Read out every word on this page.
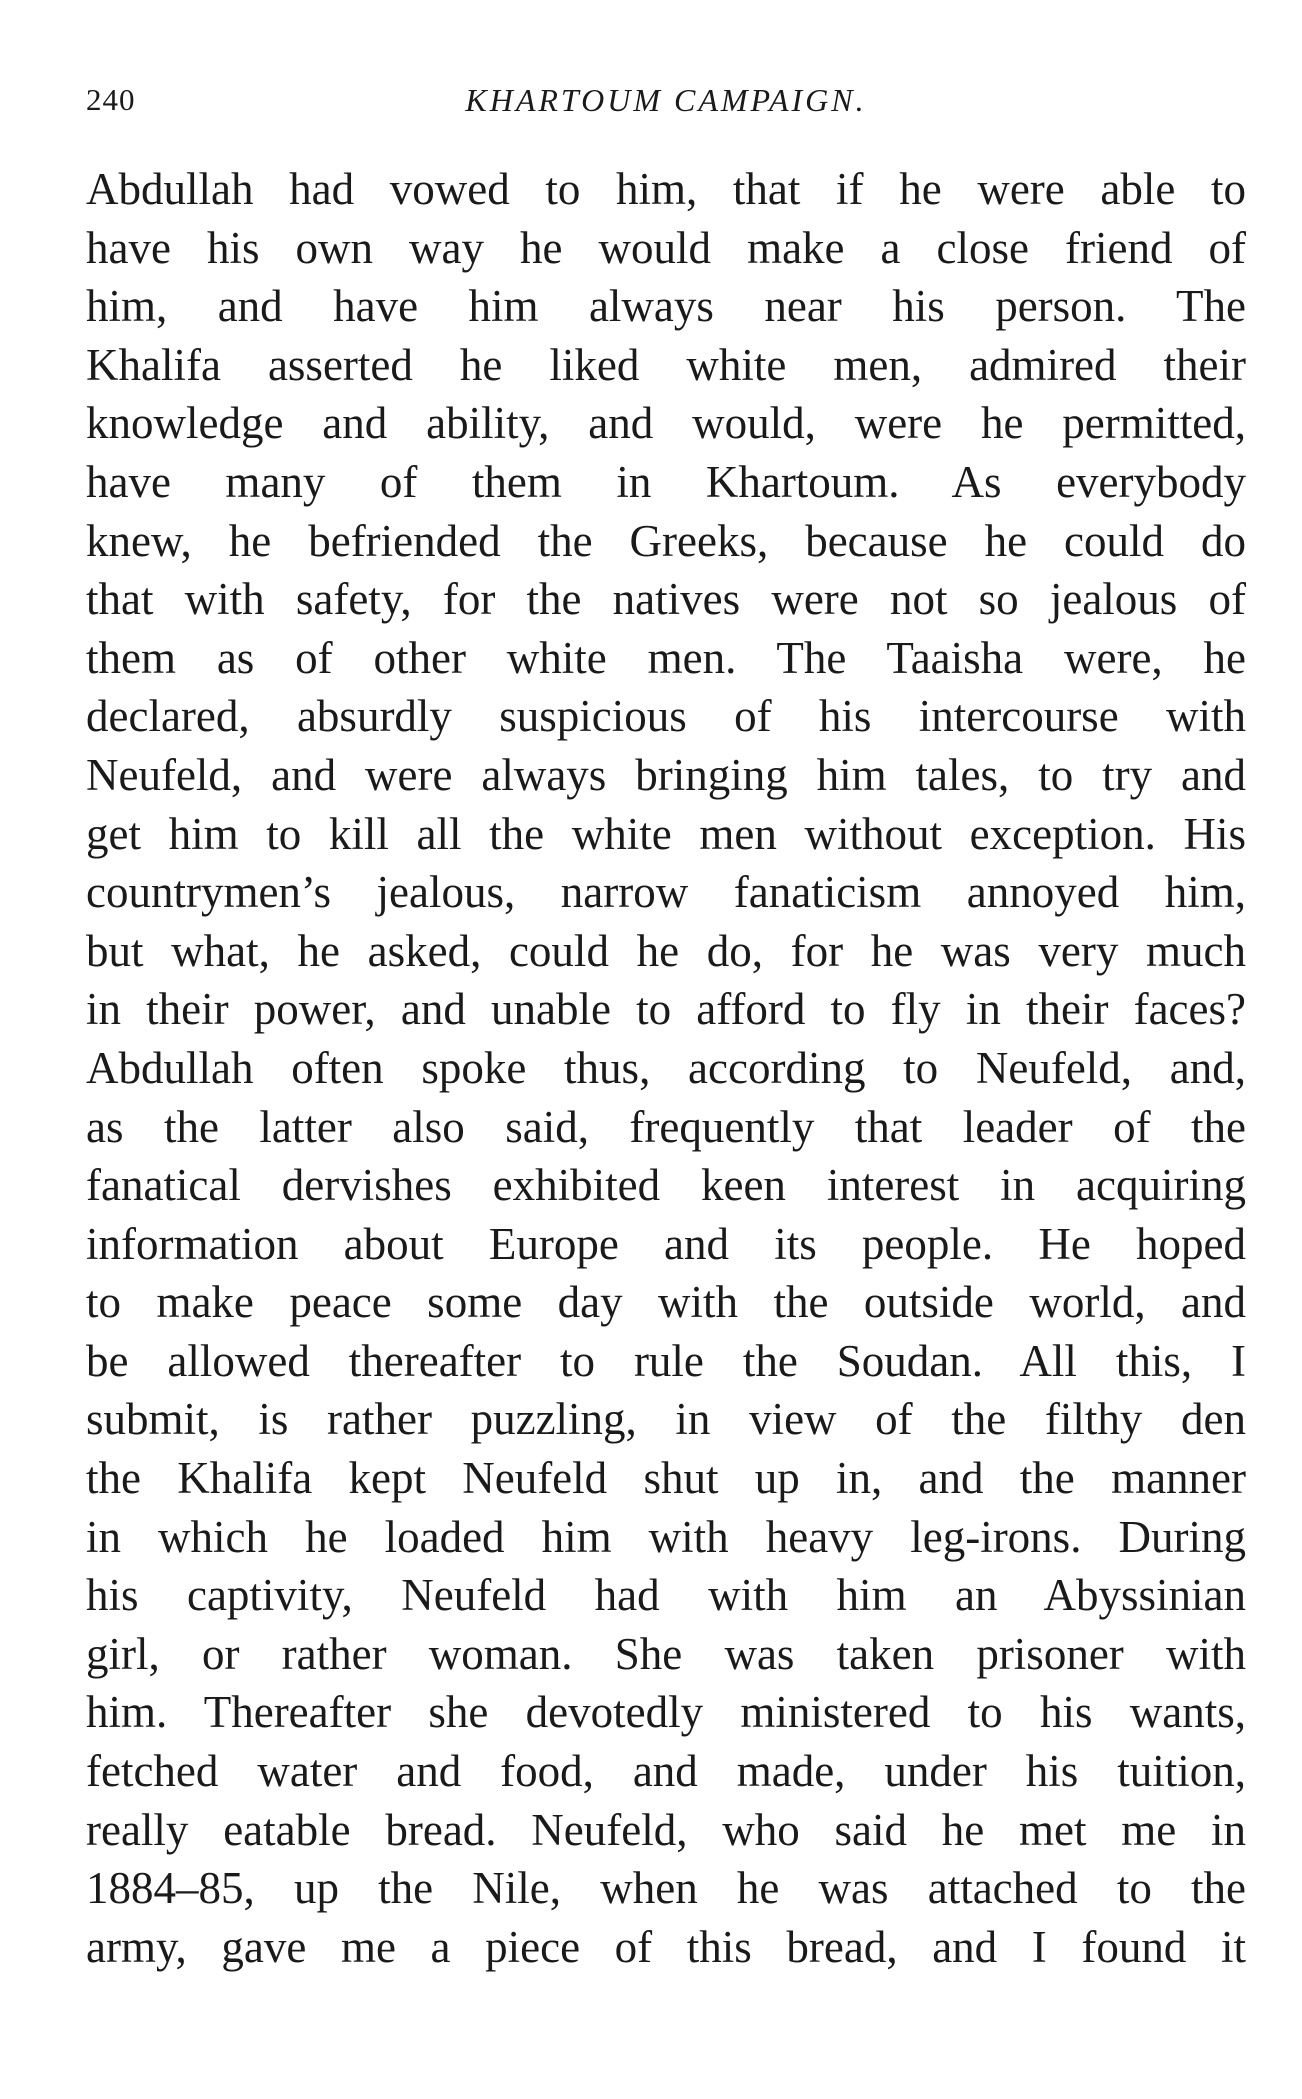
240	KHARTOUM CAMPAIGN.
Abdullah had vowed to him, that if he were able to
have his own way he would make a close friend of
him, and have him always near his person. The
Khalifa asserted he liked white men, admired their
knowledge and ability, and would, were he permitted,
have many of them in Khartoum. As everybody
knew, he befriended the Greeks, because he could do
that with safety, for the natives were not so jealous of
them as of other white men. The Taaisha were, he
declared, absurdly suspicious of his intercourse with
Neufeld, and were always bringing him tales, to try and
get him to kill all the white men without exception. His
countrymen’s jealous, narrow fanaticism annoyed him,
but what, he asked, could he do, for he was very much
in their power, and unable to afford to fly in their faces?
Abdullah often spoke thus, according to Neufeld, and,
as the latter also said, frequently that leader of the
fanatical dervishes exhibited keen interest in acquiring
information about Europe and its people. He hoped
to make peace some day with the outside world, and
be allowed thereafter to rule the Soudan. All this, I
submit, is rather puzzling, in view of the filthy den
the Khalifa kept Neufeld shut up in, and the manner
in which he loaded him with heavy leg-irons. During
his captivity, Neufeld had with him an Abyssinian
girl, or rather woman. She was taken prisoner with
him. Thereafter she devotedly ministered to his wants,
fetched water and food, and made, under his tuition,
really eatable bread. Neufeld, who said he met me in
1884–85, up the Nile, when he was attached to the
army, gave me a piece of this bread, and I found it
